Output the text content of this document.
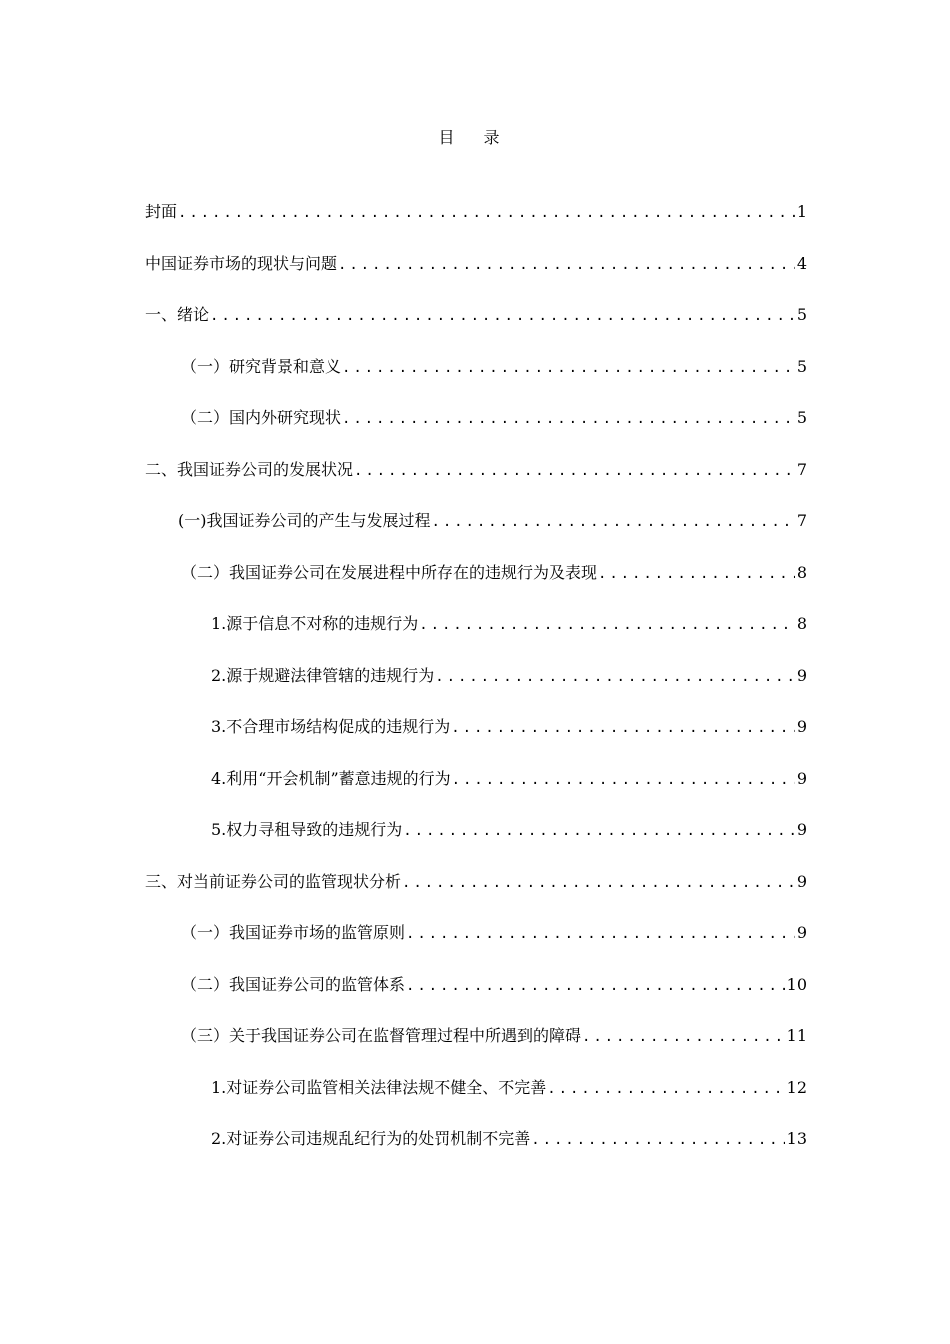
目 录
封面 .....	1
中国证券市场的现状与问题 .....	4
一、绪论 .....	5
（一）研究背景和意义 .....	5
（二）国内外研究现状 .....	5
二、我国证券公司的发展状况 .....	7
(一)我国证券公司的产生与发展过程 .....	7
（二）我国证券公司在发展进程中所存在的违规行为及表现 .....	8
1.源于信息不对称的违规行为 .....	8
2.源于规避法律管辖的违规行为 .....	9
3.不合理市场结构促成的违规行为 .....	9
4.利用“开会机制”蓄意违规的行为 .....	9
5.权力寻租导致的违规行为 .....	9
三、对当前证券公司的监管现状分析 .....	9
（一）我国证券市场的监管原则 .....	9
（二）我国证券公司的监管体系 .....	10
（三）关于我国证券公司在监督管理过程中所遇到的障碍 .....	11
1.对证券公司监管相关法律法规不健全、不完善 .....	12
2.对证券公司违规乱纪行为的处罚机制不完善 .....	13
